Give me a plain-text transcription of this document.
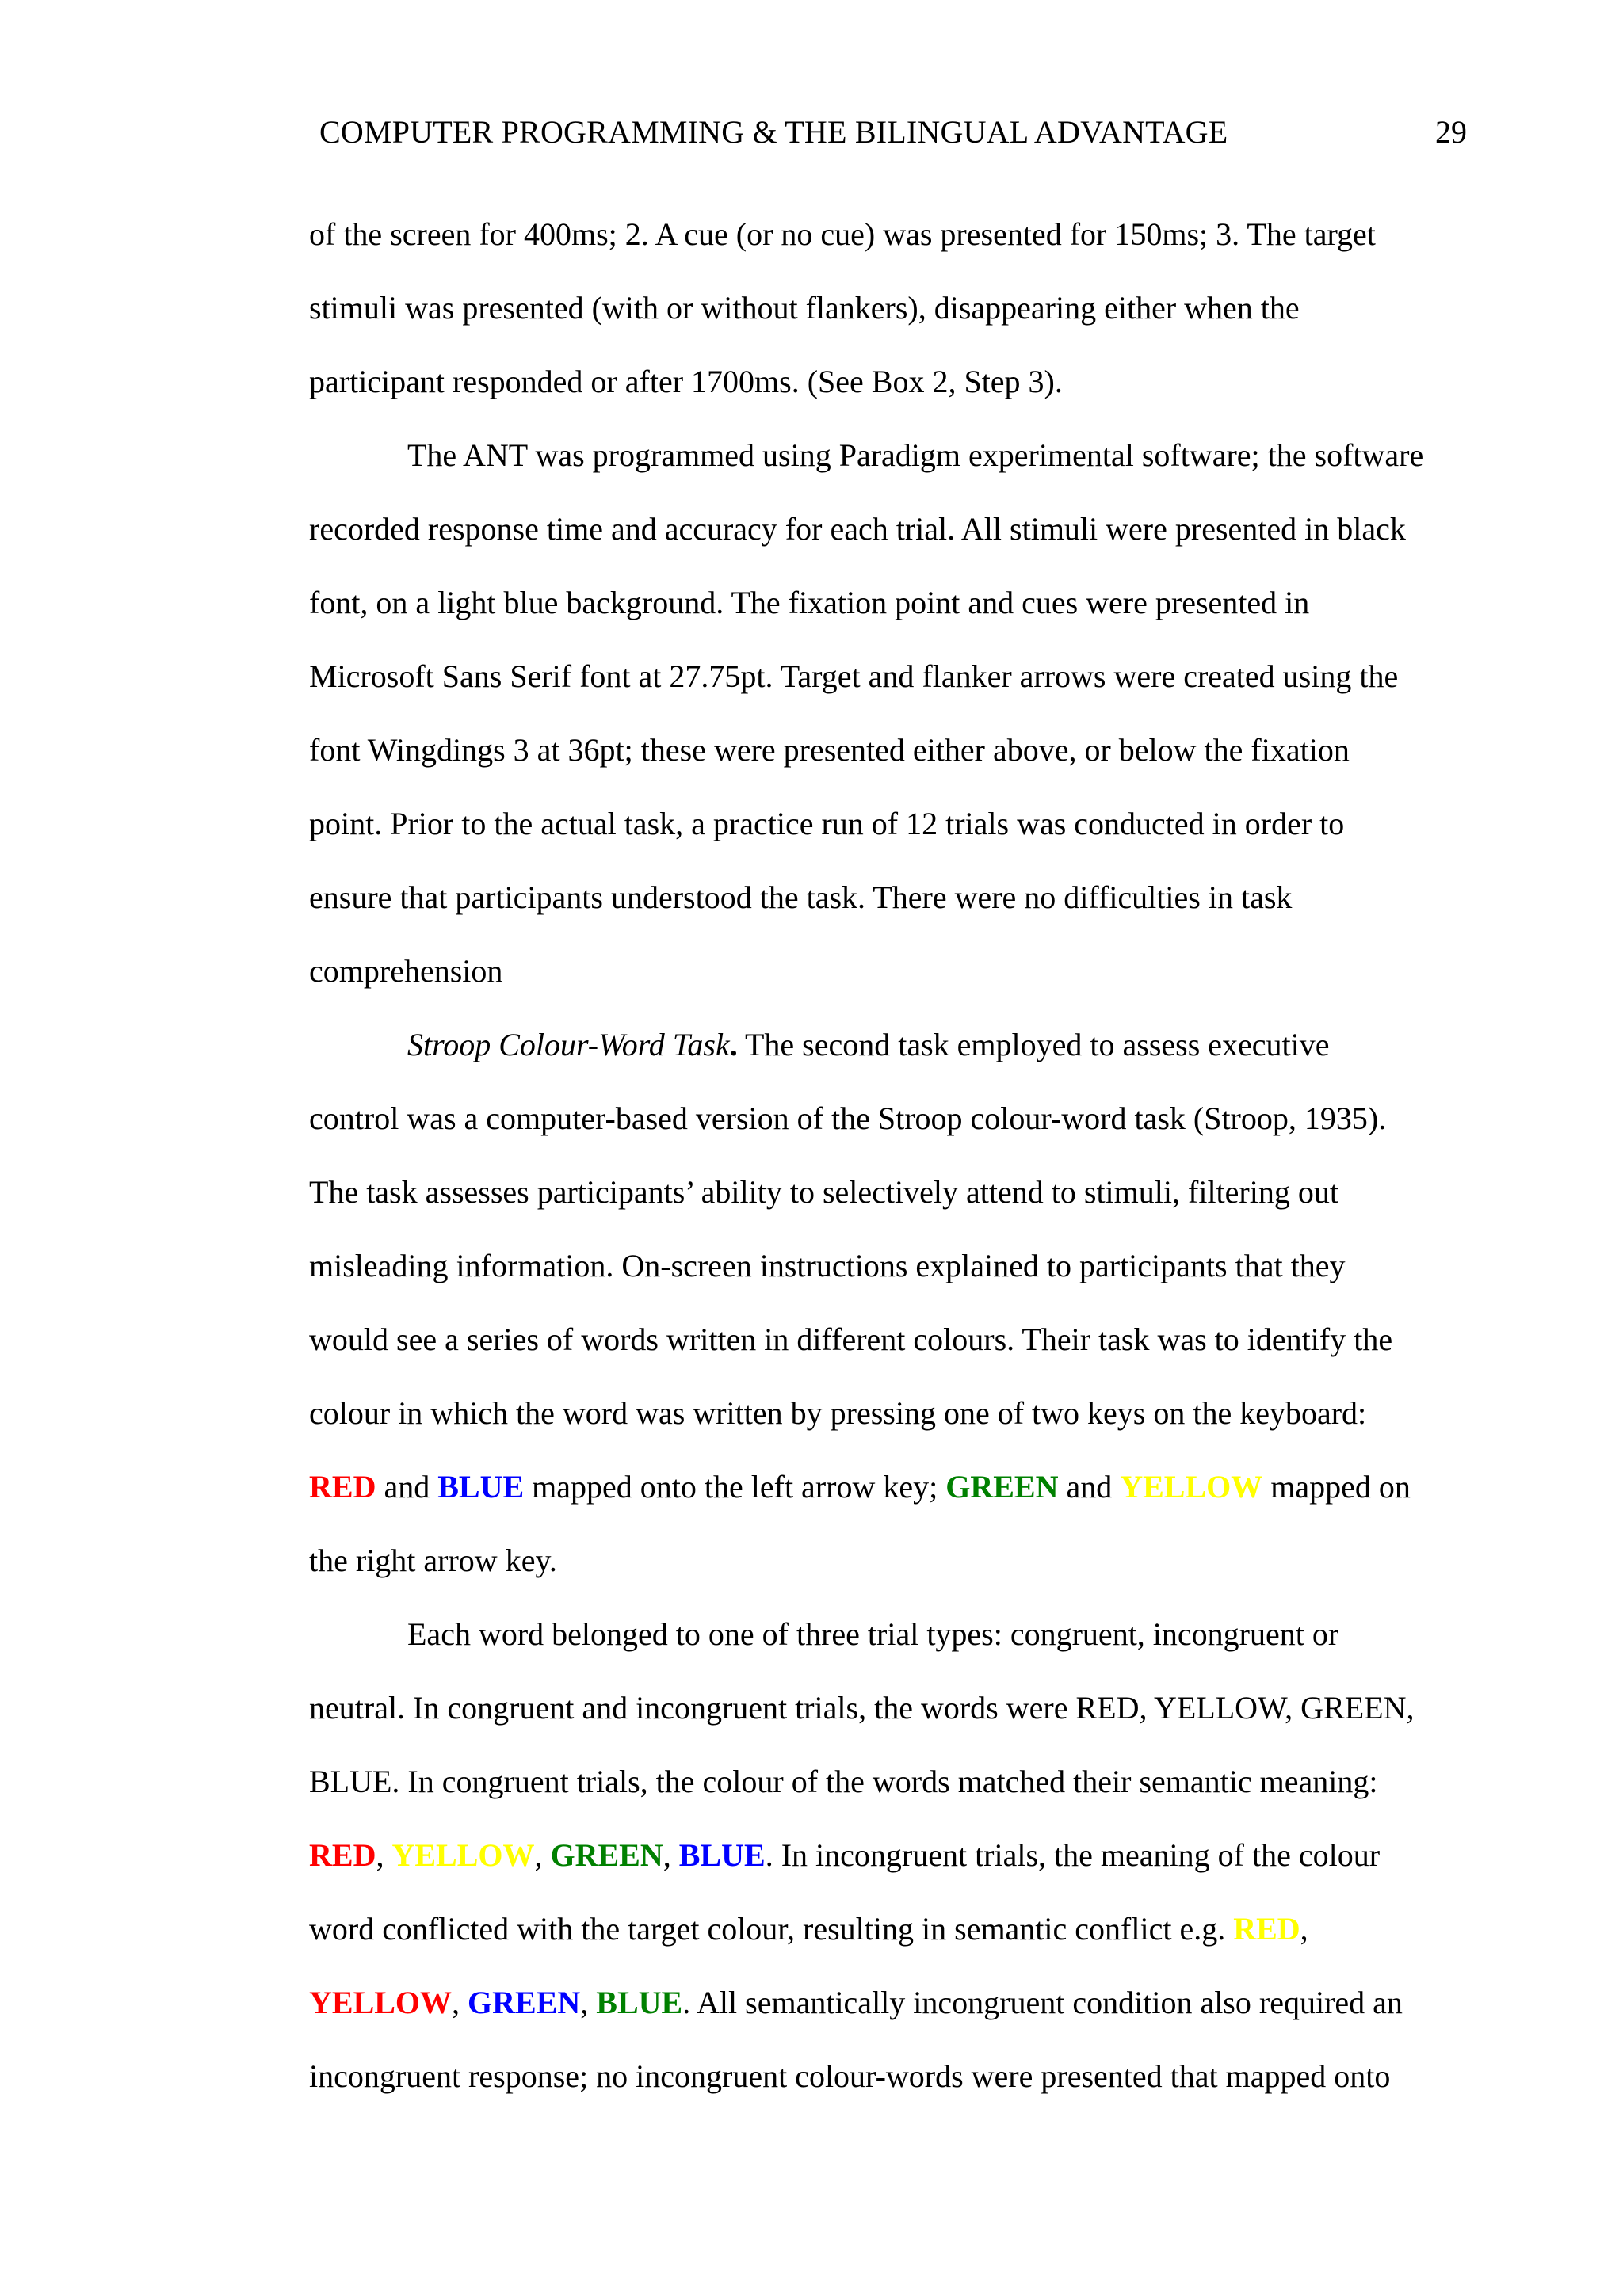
COMPUTER PROGRAMMING & THE BILINGUAL ADVANTAGE	29
of the screen for 400ms; 2. A cue (or no cue) was presented for 150ms; 3. The target
stimuli was presented (with or without flankers), disappearing either when the
participant responded or after 1700ms. (See Box 2, Step 3).
The ANT was programmed using Paradigm experimental software; the software
recorded response time and accuracy for each trial. All stimuli were presented in black
font, on a light blue background. The fixation point and cues were presented in
Microsoft Sans Serif font at 27.75pt. Target and flanker arrows were created using the
font Wingdings 3 at 36pt; these were presented either above, or below the fixation
point. Prior to the actual task, a practice run of 12 trials was conducted in order to
ensure that participants understood the task. There were no difficulties in task
comprehension
Stroop Colour-Word Task. The second task employed to assess executive
control was a computer-based version of the Stroop colour-word task (Stroop, 1935).
The task assesses participants’ ability to selectively attend to stimuli, filtering out
misleading information. On-screen instructions explained to participants that they
would see a series of words written in different colours. Their task was to identify the
colour in which the word was written by pressing one of two keys on the keyboard:
RED and BLUE mapped onto the left arrow key; GREEN and YELLOW mapped on
the right arrow key.
Each word belonged to one of three trial types: congruent, incongruent or
neutral. In congruent and incongruent trials, the words were RED, YELLOW, GREEN,
BLUE. In congruent trials, the colour of the words matched their semantic meaning:
RED, YELLOW, GREEN, BLUE. In incongruent trials, the meaning of the colour
word conflicted with the target colour, resulting in semantic conflict e.g. RED,
YELLOW, GREEN, BLUE. All semantically incongruent condition also required an
incongruent response; no incongruent colour-words were presented that mapped onto
